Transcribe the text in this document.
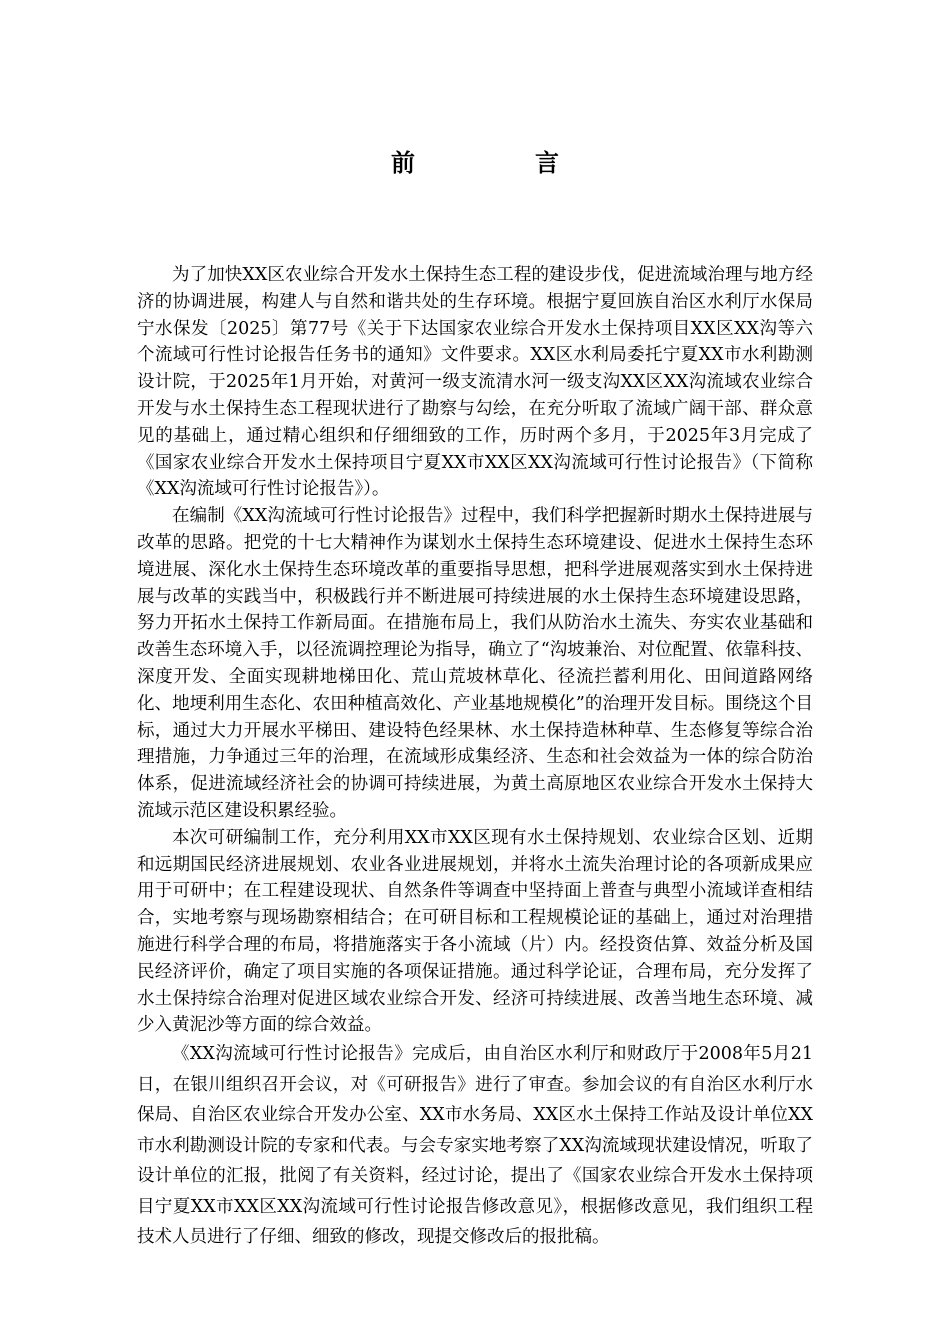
前　言

为了加快XX区农业综合开发水土保持生态工程的建设步伐，促进流域治理与地方经济的协调进展，构建人与自然和谐共处的生存环境。根据宁夏回族自治区水利厅水保局宁水保发〔2025〕第77号《关于下达国家农业综合开发水土保持项目XX区XX沟等六个流域可行性讨论报告任务书的通知》文件要求。XX区水利局委托宁夏XX市水利勘测设计院，于2025年1月开始，对黄河一级支流清水河一级支沟XX区XX沟流域农业综合开发与水土保持生态工程现状进行了勘察与勾绘，在充分听取了流域广阔干部、群众意见的基础上，通过精心组织和仔细细致的工作，历时两个多月，于2025年3月完成了《国家农业综合开发水土保持项目宁夏XX市XX区XX沟流域可行性讨论报告》（下简称《XX沟流域可行性讨论报告》）。

在编制《XX沟流域可行性讨论报告》过程中，我们科学把握新时期水土保持进展与改革的思路。把党的十七大精神作为谋划水土保持生态环境建设、促进水土保持生态环境进展、深化水土保持生态环境改革的重要指导思想，把科学进展观落实到水土保持进展与改革的实践当中，积极践行并不断进展可持续进展的水土保持生态环境建设思路，努力开拓水土保持工作新局面。在措施布局上，我们从防治水土流失、夯实农业基础和改善生态环境入手，以径流调控理论为指导，确立了“沟坡兼治、对位配置、依靠科技、深度开发、全面实现耕地梯田化、荒山荒坡林草化、径流拦蓄利用化、田间道路网络化、地埂利用生态化、农田种植高效化、产业基地规模化”的治理开发目标。围绕这个目标，通过大力开展水平梯田、建设特色经果林、水土保持造林种草、生态修复等综合治理措施，力争通过三年的治理，在流域形成集经济、生态和社会效益为一体的综合防治体系，促进流域经济社会的协调可持续进展，为黄土高原地区农业综合开发水土保持大流域示范区建设积累经验。

本次可研编制工作，充分利用XX市XX区现有水土保持规划、农业综合区划、近期和远期国民经济进展规划、农业各业进展规划，并将水土流失治理讨论的各项新成果应用于可研中；在工程建设现状、自然条件等调查中坚持面上普查与典型小流域详查相结合，实地考察与现场勘察相结合；在可研目标和工程规模论证的基础上，通过对治理措施进行科学合理的布局，将措施落实于各小流域（片）内。经投资估算、效益分析及国民经济评价，确定了项目实施的各项保证措施。通过科学论证，合理布局，充分发挥了水土保持综合治理对促进区域农业综合开发、经济可持续进展、改善当地生态环境、减少入黄泥沙等方面的综合效益。

《XX沟流域可行性讨论报告》完成后，由自治区水利厅和财政厅于2008年5月21日，在银川组织召开会议，对《可研报告》进行了审查。参加会议的有自治区水利厅水保局、自治区农业综合开发办公室、XX市水务局、XX区水土保持工作站及设计单位XX市水利勘测设计院的专家和代表。与会专家实地考察了XX沟流域现状建设情况，听取了设计单位的汇报，批阅了有关资料，经过讨论，提出了《国家农业综合开发水土保持项目宁夏XX市XX区XX沟流域可行性讨论报告修改意见》，根据修改意见，我们组织工程技术人员进行了仔细、细致的修改，现提交修改后的报批稿。
